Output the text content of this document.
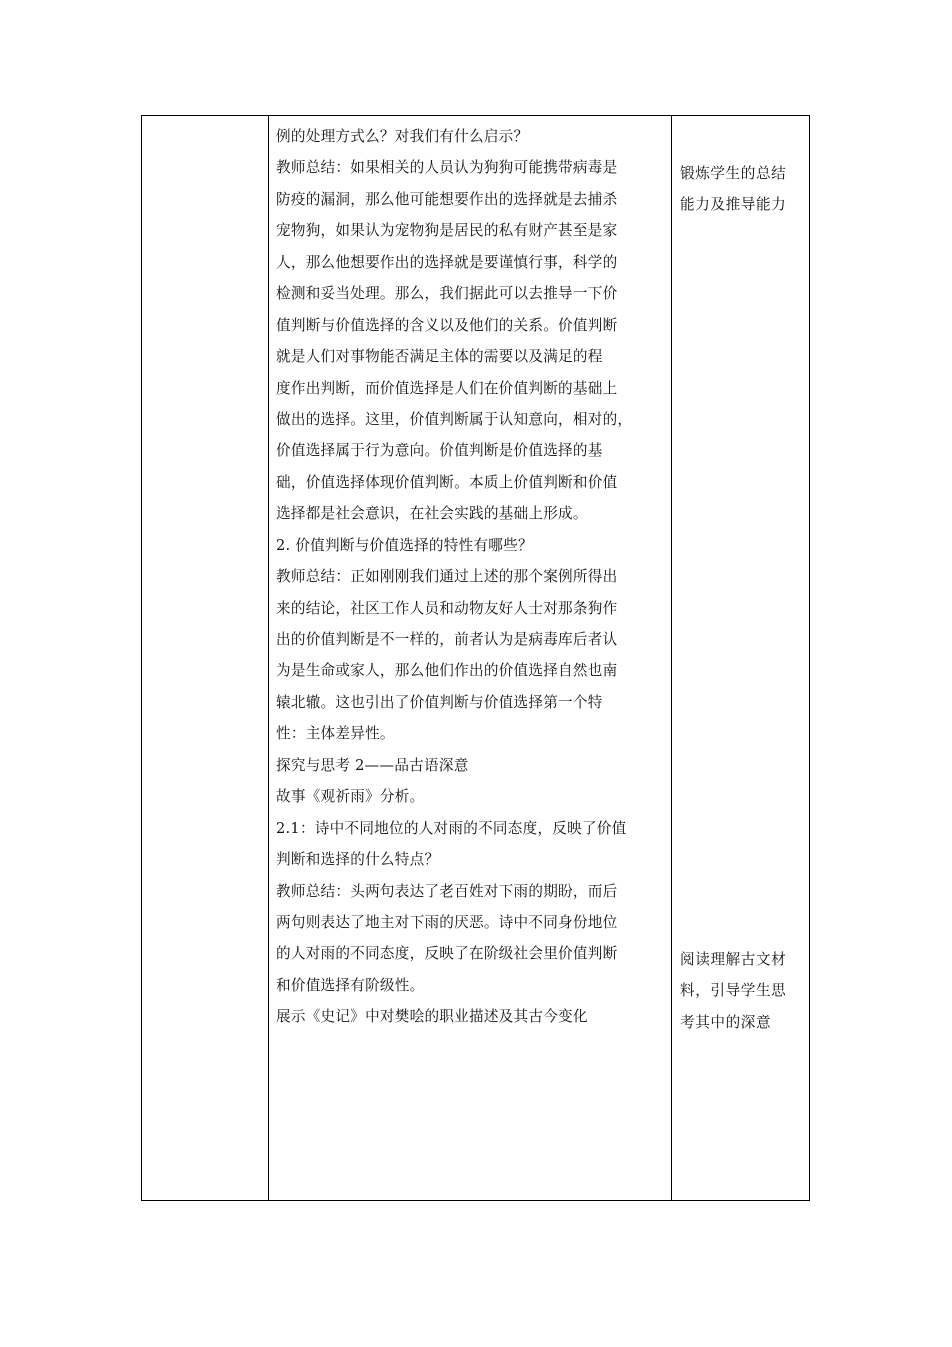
例的处理方式么？对我们有什么启示？
教师总结：如果相关的人员认为狗狗可能携带病毒是
防疫的漏洞，那么他可能想要作出的选择就是去捕杀
宠物狗，如果认为宠物狗是居民的私有财产甚至是家
人，那么他想要作出的选择就是要谨慎行事，科学的
检测和妥当处理。那么，我们据此可以去推导一下价
值判断与价值选择的含义以及他们的关系。价值判断
就是人们对事物能否满足主体的需要以及满足的程
度作出判断，而价值选择是人们在价值判断的基础上
做出的选择。这里，价值判断属于认知意向，相对的，
价值选择属于行为意向。价值判断是价值选择的基
础，价值选择体现价值判断。本质上价值判断和价值
选择都是社会意识，在社会实践的基础上形成。
2. 价值判断与价值选择的特性有哪些？
教师总结：正如刚刚我们通过上述的那个案例所得出
来的结论，社区工作人员和动物友好人士对那条狗作
出的价值判断是不一样的，前者认为是病毒库后者认
为是生命或家人，那么他们作出的价值选择自然也南
辕北辙。这也引出了价值判断与价值选择第一个特
性：主体差异性。
探究与思考 2——品古语深意
故事《观祈雨》分析。
2.1：诗中不同地位的人对雨的不同态度，反映了价值
判断和选择的什么特点？
教师总结：头两句表达了老百姓对下雨的期盼，而后
两句则表达了地主对下雨的厌恶。诗中不同身份地位
的人对雨的不同态度，反映了在阶级社会里价值判断
和价值选择有阶级性。
展示《史记》中对樊哙的职业描述及其古今变化
锻炼学生的总结
能力及推导能力
阅读理解古文材
料，引导学生思
考其中的深意
